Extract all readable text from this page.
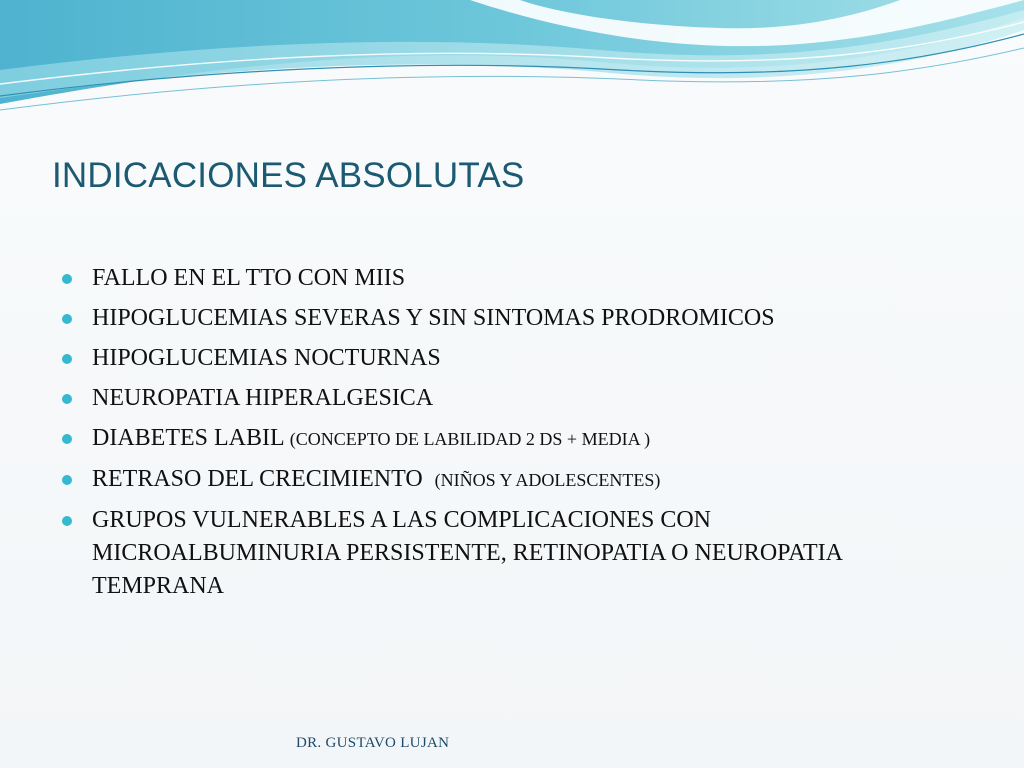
INDICACIONES ABSOLUTAS
FALLO EN EL TTO CON MIIS
HIPOGLUCEMIAS SEVERAS Y SIN SINTOMAS PRODROMICOS
HIPOGLUCEMIAS NOCTURNAS
NEUROPATIA HIPERALGESICA
DIABETES LABIL (CONCEPTO DE LABILIDAD 2 DS + MEDIA )
RETRASO DEL CRECIMIENTO  (NIÑOS Y ADOLESCENTES)
GRUPOS VULNERABLES A LAS COMPLICACIONES CON MICROALBUMINURIA PERSISTENTE, RETINOPATIA O NEUROPATIA TEMPRANA
DR. GUSTAVO LUJAN
